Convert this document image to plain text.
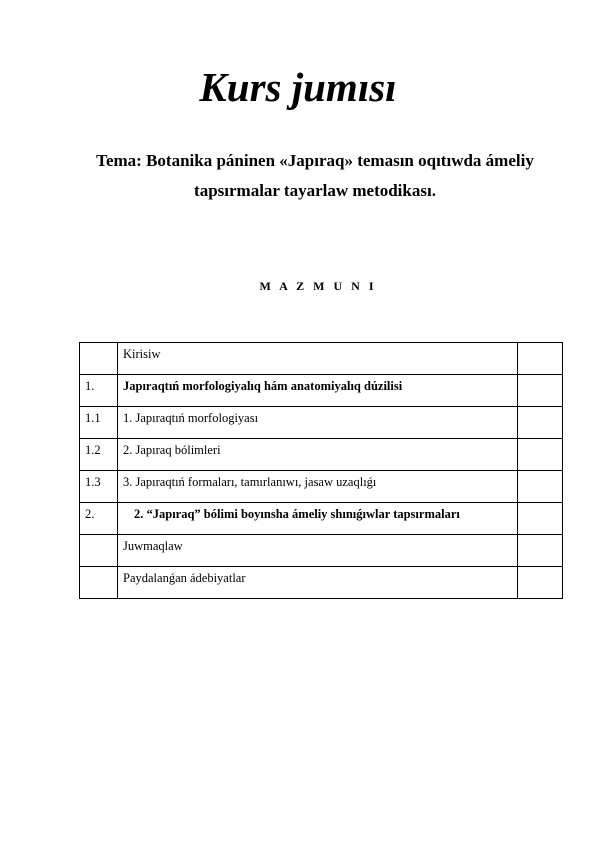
Kurs jumısı

Tema: Botanika páninen «Japıraq» temasın oqıtıwda ámeliy tapsırmalar tayarlaw metodikası.

M A Z M U N I

	Kirisiw	
1.	Japıraqtıń morfologiyalıq hám anatomiyalıq dúzilisi	
1.1	1. Japıraqtıń morfologiyası	
1.2	2. Japıraq bólimleri	
1.3	3. Japıraqtıń formaları, tamırlanıwı, jasaw uzaqlıǵı	
2.	2. “Japıraq” bólimi boyınsha ámeliy shınıǵıwlar tapsırmaları	
	Juwmaqlaw	
	Paydalanǵan ádebiyatlar	
